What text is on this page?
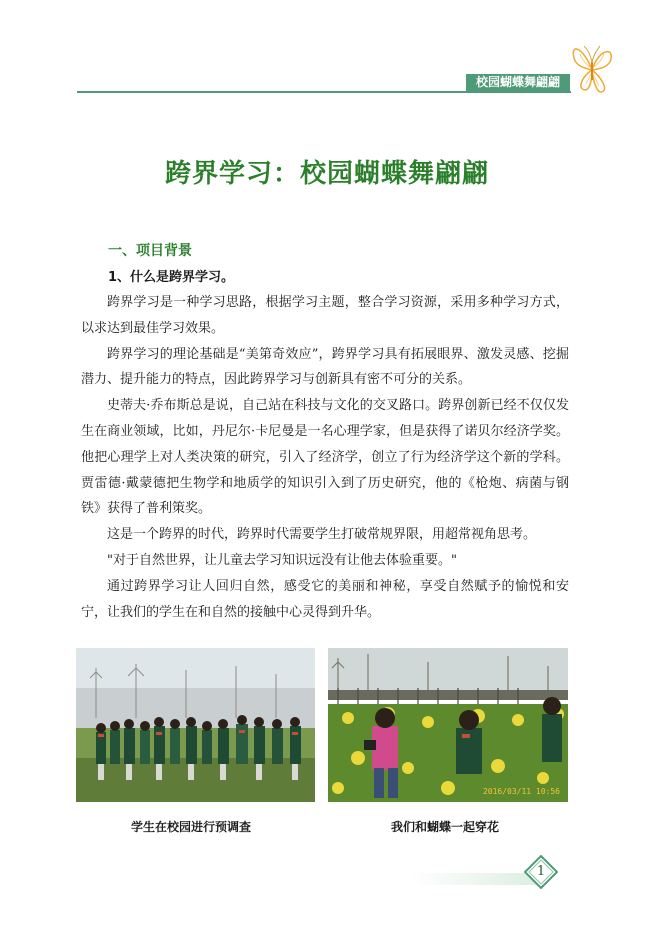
校园蝴蝶舞翩翩
跨界学习：校园蝴蝶舞翩翩
一、项目背景
1、什么是跨界学习。

跨界学习是一种学习思路，根据学习主题，整合学习资源，采用多种学习方式，以求达到最佳学习效果。

跨界学习的理论基础是“美第奇效应”，跨界学习具有拓展眼界、激发灵感、挖掘潜力、提升能力的特点，因此跨界学习与创新具有密不可分的关系。

史蒂夫·乔布斯总是说，自己站在科技与文化的交叉路口。跨界创新已经不仅仅发生在商业领域，比如，丹尼尔·卡尼曼是一名心理学家，但是获得了诺贝尔经济学奖。他把心理学上对人类决策的研究，引入了经济学，创立了行为经济学这个新的学科。贾雷德·戴蒙德把生物学和地质学的知识引入到了历史研究，他的《枪炮、病菌与钢铁》获得了普利策奖。

这是一个跨界的时代，跨界时代需要学生打破常规界限，用超常视角思考。

"对于自然世界，让儿童去学习知识远没有让他去体验重要。"

通过跨界学习让人回归自然，感受它的美丽和神秘，享受自然赋予的愉悦和安宁，让我们的学生在和自然的接触中心灵得到升华。

2016/03/11 10:56
学生在校园进行预调查	我们和蝴蝶一起穿花
1
